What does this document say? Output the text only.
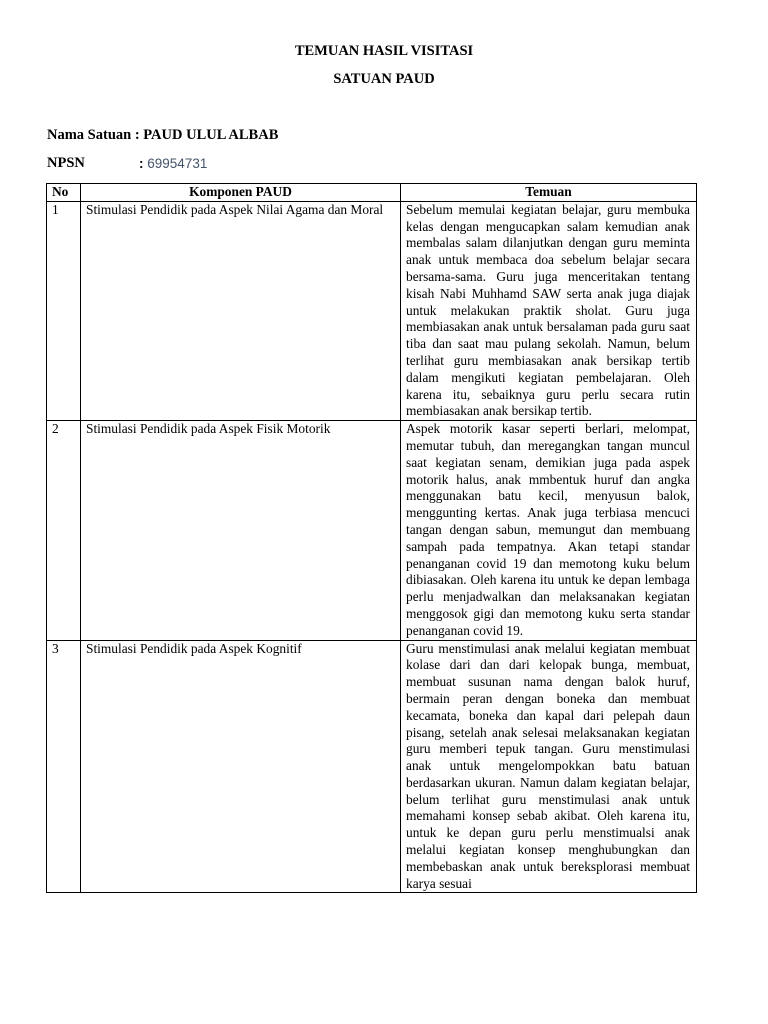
TEMUAN HASIL VISITASI
SATUAN PAUD
Nama Satuan : PAUD ULUL ALBAB
NPSN	: 69954731
No	Komponen PAUD	Temuan
1	Stimulasi Pendidik pada Aspek Nilai Agama dan Moral	Sebelum memulai kegiatan belajar, guru membuka kelas dengan mengucapkan salam kemudian anak membalas salam dilanjutkan dengan guru meminta anak untuk membaca doa sebelum belajar secara bersama-sama. Guru juga menceritakan tentang kisah Nabi Muhhamd SAW serta anak juga diajak untuk melakukan praktik sholat. Guru juga membiasakan anak untuk bersalaman pada guru saat tiba dan saat mau pulang sekolah. Namun, belum terlihat guru membiasakan anak bersikap tertib dalam mengikuti kegiatan pembelajaran. Oleh karena itu, sebaiknya guru perlu secara rutin membiasakan anak bersikap tertib.
2	Stimulasi Pendidik pada Aspek Fisik Motorik	Aspek motorik kasar seperti berlari, melompat, memutar tubuh, dan meregangkan tangan muncul saat kegiatan senam, demikian juga pada aspek motorik halus, anak mmbentuk huruf dan angka menggunakan batu kecil, menyusun balok, menggunting kertas. Anak juga terbiasa mencuci tangan dengan sabun, memungut dan membuang sampah pada tempatnya. Akan tetapi standar penanganan covid 19 dan memotong kuku belum dibiasakan. Oleh karena itu untuk ke depan lembaga perlu menjadwalkan dan melaksanakan kegiatan menggosok gigi dan memotong kuku serta standar penanganan covid 19.
3	Stimulasi Pendidik pada Aspek Kognitif	Guru menstimulasi anak melalui kegiatan membuat kolase dari dan dari kelopak bunga, membuat, membuat susunan nama dengan balok huruf, bermain peran dengan boneka dan membuat kecamata, boneka dan kapal dari pelepah daun pisang, setelah anak selesai melaksanakan kegiatan guru memberi tepuk tangan. Guru menstimulasi anak untuk mengelompokkan batu batuan berdasarkan ukuran. Namun dalam kegiatan belajar, belum terlihat guru menstimulasi anak untuk memahami konsep sebab akibat. Oleh karena itu, untuk ke depan guru perlu menstimualsi anak melalui kegiatan konsep menghubungkan dan membebaskan anak untuk bereksplorasi membuat karya sesuai
